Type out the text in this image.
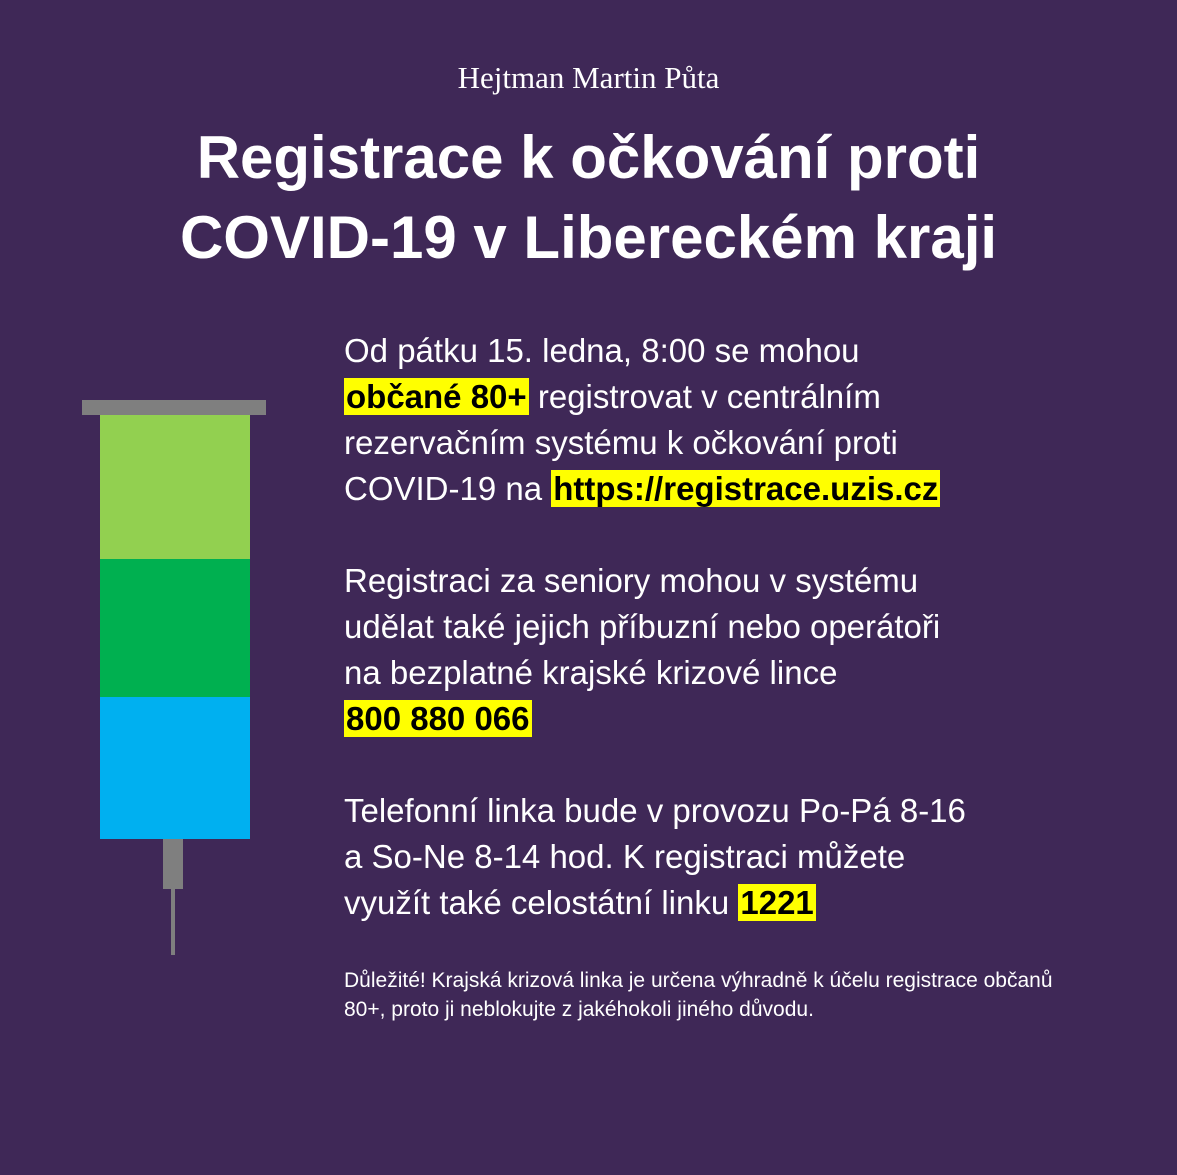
Hejtman Martin Půta
Registrace k očkování proti
COVID-19 v Libereckém kraji

Od pátku 15. ledna, 8:00 se mohou
občané 80+ registrovat v centrálním
rezervačním systému k očkování proti
COVID-19 na https://registrace.uzis.cz

Registraci za seniory mohou v systému
udělat také jejich příbuzní nebo operátoři
na bezplatné krajské krizové lince
800 880 066

Telefonní linka bude v provozu Po-Pá 8-16
a So-Ne 8-14 hod. K registraci můžete
využít také celostátní linku 1221

Důležité! Krajská krizová linka je určena výhradně k účelu registrace občanů 80+, proto ji neblokujte z jakéhokoli jiného důvodu.
